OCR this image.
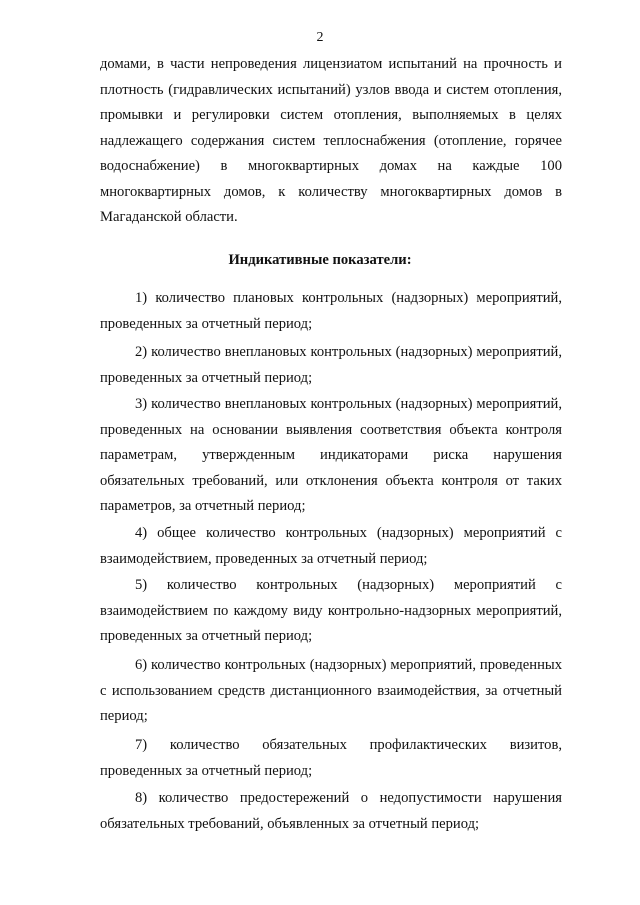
2

домами, в части непроведения лицензиатом испытаний на прочность и плотность (гидравлических испытаний) узлов ввода и систем отопления, промывки и регулировки систем отопления, выполняемых в целях надлежащего содержания систем теплоснабжения (отопление, горячее водоснабжение) в многоквартирных домах на каждые 100 многоквартирных домов, к количеству многоквартирных домов в Магаданской области.

Индикативные показатели:

1) количество плановых контрольных (надзорных) мероприятий, проведенных за отчетный период;

2) количество внеплановых контрольных (надзорных) мероприятий, проведенных за отчетный период;

3) количество внеплановых контрольных (надзорных) мероприятий, проведенных на основании выявления соответствия объекта контроля параметрам, утвержденным индикаторами риска нарушения обязательных требований, или отклонения объекта контроля от таких параметров, за отчетный период;

4) общее количество контрольных (надзорных) мероприятий с взаимодействием, проведенных за отчетный период;

5) количество контрольных (надзорных) мероприятий с взаимодействием по каждому виду контрольно-надзорных мероприятий, проведенных за отчетный период;

6) количество контрольных (надзорных) мероприятий, проведенных с использованием средств дистанционного взаимодействия, за отчетный период;

7) количество обязательных профилактических визитов, проведенных за отчетный период;

8) количество предостережений о недопустимости нарушения обязательных требований, объявленных за отчетный период;
